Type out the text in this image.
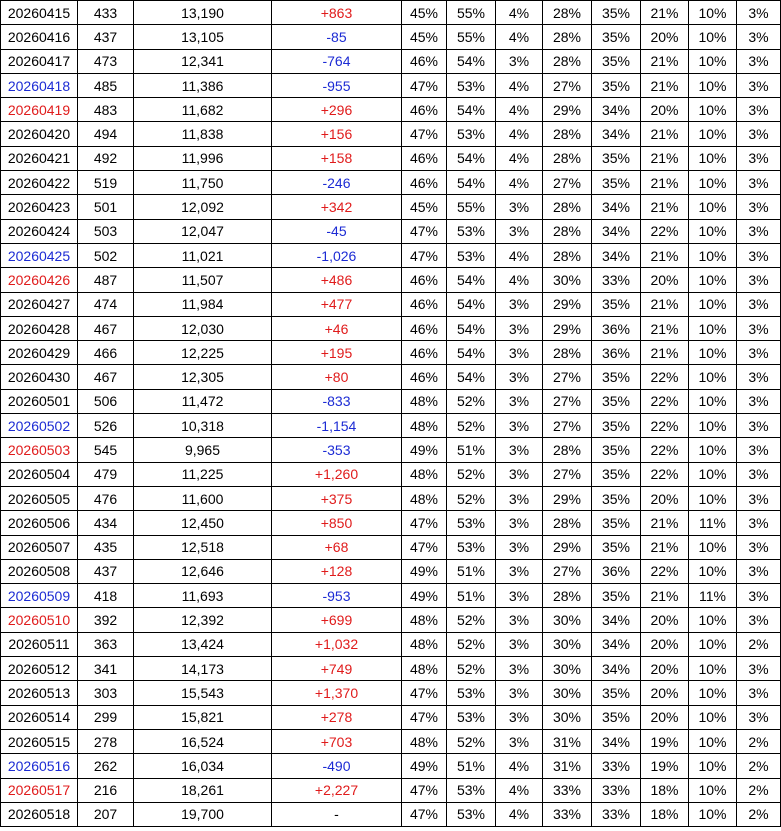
20260415	433	13,190	+863	45%	55%	4%	28%	35%	21%	10%	3%
20260416	437	13,105	-85	45%	55%	4%	28%	35%	20%	10%	3%
20260417	473	12,341	-764	46%	54%	3%	28%	35%	21%	10%	3%
20260418	485	11,386	-955	47%	53%	4%	27%	35%	21%	10%	3%
20260419	483	11,682	+296	46%	54%	4%	29%	34%	20%	10%	3%
20260420	494	11,838	+156	47%	53%	4%	28%	34%	21%	10%	3%
20260421	492	11,996	+158	46%	54%	4%	28%	35%	21%	10%	3%
20260422	519	11,750	-246	46%	54%	4%	27%	35%	21%	10%	3%
20260423	501	12,092	+342	45%	55%	3%	28%	34%	21%	10%	3%
20260424	503	12,047	-45	47%	53%	3%	28%	34%	22%	10%	3%
20260425	502	11,021	-1,026	47%	53%	4%	28%	34%	21%	10%	3%
20260426	487	11,507	+486	46%	54%	4%	30%	33%	20%	10%	3%
20260427	474	11,984	+477	46%	54%	3%	29%	35%	21%	10%	3%
20260428	467	12,030	+46	46%	54%	3%	29%	36%	21%	10%	3%
20260429	466	12,225	+195	46%	54%	3%	28%	36%	21%	10%	3%
20260430	467	12,305	+80	46%	54%	3%	27%	35%	22%	10%	3%
20260501	506	11,472	-833	48%	52%	3%	27%	35%	22%	10%	3%
20260502	526	10,318	-1,154	48%	52%	3%	27%	35%	22%	10%	3%
20260503	545	9,965	-353	49%	51%	3%	28%	35%	22%	10%	3%
20260504	479	11,225	+1,260	48%	52%	3%	27%	35%	22%	10%	3%
20260505	476	11,600	+375	48%	52%	3%	29%	35%	20%	10%	3%
20260506	434	12,450	+850	47%	53%	3%	28%	35%	21%	11%	3%
20260507	435	12,518	+68	47%	53%	3%	29%	35%	21%	10%	3%
20260508	437	12,646	+128	49%	51%	3%	27%	36%	22%	10%	3%
20260509	418	11,693	-953	49%	51%	3%	28%	35%	21%	11%	3%
20260510	392	12,392	+699	48%	52%	3%	30%	34%	20%	10%	3%
20260511	363	13,424	+1,032	48%	52%	3%	30%	34%	20%	10%	2%
20260512	341	14,173	+749	48%	52%	3%	30%	34%	20%	10%	3%
20260513	303	15,543	+1,370	47%	53%	3%	30%	35%	20%	10%	3%
20260514	299	15,821	+278	47%	53%	3%	30%	35%	20%	10%	3%
20260515	278	16,524	+703	48%	52%	3%	31%	34%	19%	10%	2%
20260516	262	16,034	-490	49%	51%	4%	31%	33%	19%	10%	2%
20260517	216	18,261	+2,227	47%	53%	4%	33%	33%	18%	10%	2%
20260518	207	19,700	-	47%	53%	4%	33%	33%	18%	10%	2%
